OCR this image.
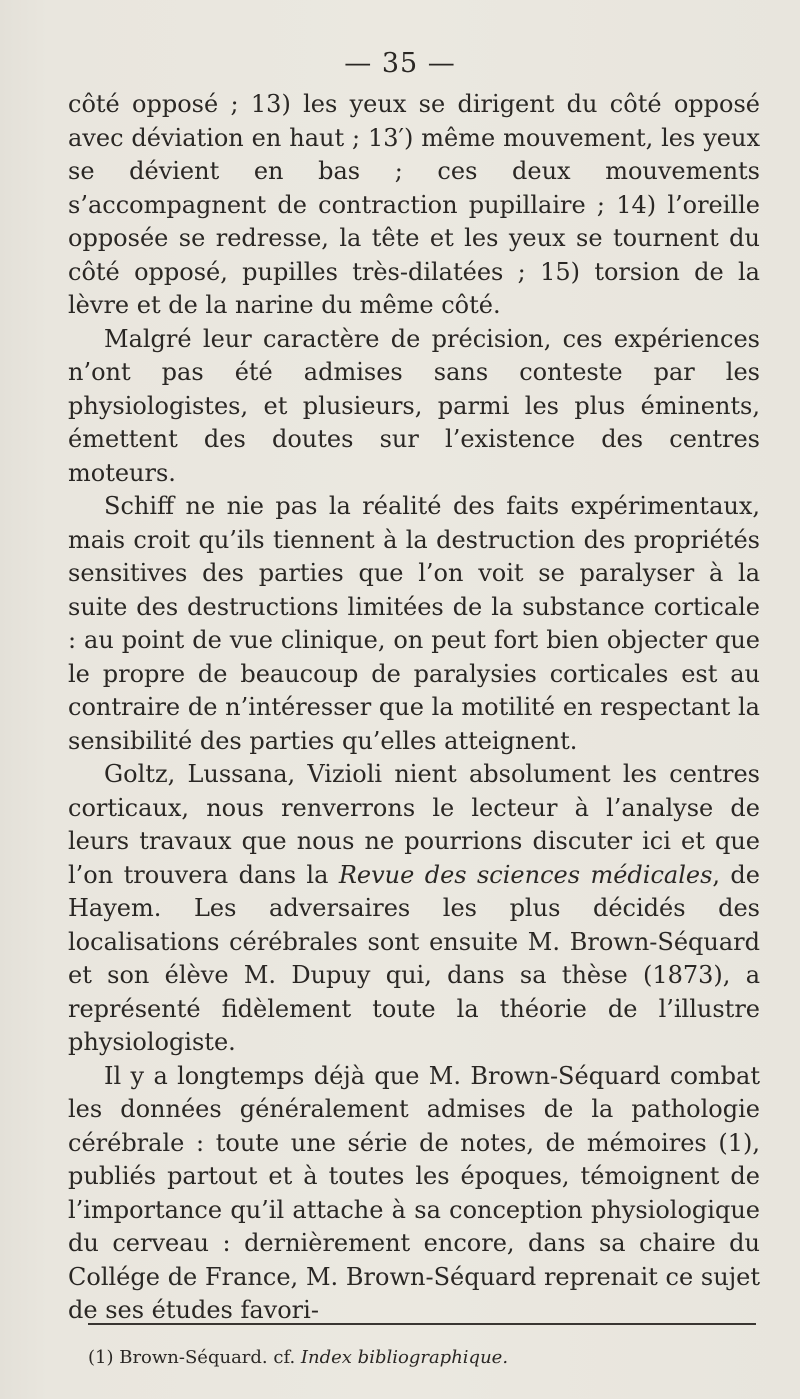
— 35 —

côté opposé ; 13) les yeux se dirigent du côté opposé avec déviation en haut ; 13′) même mouvement, les yeux se dévient en bas ; ces deux mouvements s’accompagnent de contraction pupillaire ; 14) l’oreille opposée se redresse, la tête et les yeux se tournent du côté opposé, pupilles très-dilatées ; 15) torsion de la lèvre et de la narine du même côté.

Malgré leur caractère de précision, ces expériences n’ont pas été admises sans conteste par les physiologistes, et plusieurs, parmi les plus éminents, émettent des doutes sur l’existence des centres moteurs.

Schiff ne nie pas la réalité des faits expérimentaux, mais croit qu’ils tiennent à la destruction des propriétés sensitives des parties que l’on voit se paralyser à la suite des destructions limitées de la substance corticale : au point de vue clinique, on peut fort bien objecter que le propre de beaucoup de paralysies corticales est au contraire de n’intéresser que la motilité en respectant la sensibilité des parties qu’elles atteignent.

Goltz, Lussana, Vizioli nient absolument les centres corticaux, nous renverrons le lecteur à l’analyse de leurs travaux que nous ne pourrions discuter ici et que l’on trouvera dans la Revue des sciences médicales, de Hayem. Les adversaires les plus décidés des localisations cérébrales sont ensuite M. Brown-Séquard et son élève M. Dupuy qui, dans sa thèse (1873), a représenté fidèlement toute la théorie de l’illustre physiologiste.

Il y a longtemps déjà que M. Brown-Séquard combat les données généralement admises de la pathologie cérébrale : toute une série de notes, de mémoires (1), publiés partout et à toutes les époques, témoignent de l’importance qu’il attache à sa conception physiologique du cerveau : dernièrement encore, dans sa chaire du Collége de France, M. Brown-Séquard reprenait ce sujet de ses études favori-

(1) Brown-Séquard. cf. Index bibliographique.
